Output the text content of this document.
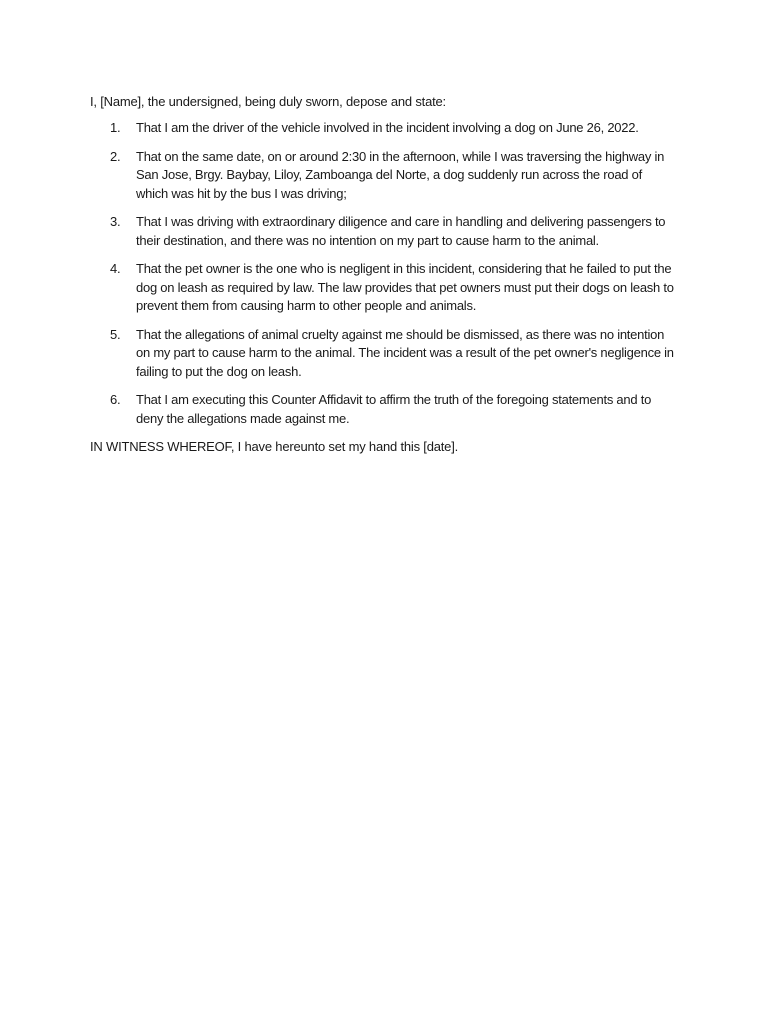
I, [Name], the undersigned, being duly sworn, depose and state:

1.	That I am the driver of the vehicle involved in the incident involving a dog on June 26, 2022.
2.	That on the same date, on or around 2:30 in the afternoon, while I was traversing the highway in San Jose, Brgy. Baybay, Liloy, Zamboanga del Norte, a dog suddenly run across the road of which was hit by the bus I was driving;
3.	That I was driving with extraordinary diligence and care in handling and delivering passengers to their destination, and there was no intention on my part to cause harm to the animal.
4.	That the pet owner is the one who is negligent in this incident, considering that he failed to put the dog on leash as required by law. The law provides that pet owners must put their dogs on leash to prevent them from causing harm to other people and animals.
5.	That the allegations of animal cruelty against me should be dismissed, as there was no intention on my part to cause harm to the animal. The incident was a result of the pet owner's negligence in failing to put the dog on leash.
6.	That I am executing this Counter Affidavit to affirm the truth of the foregoing statements and to deny the allegations made against me.

IN WITNESS WHEREOF, I have hereunto set my hand this [date].
